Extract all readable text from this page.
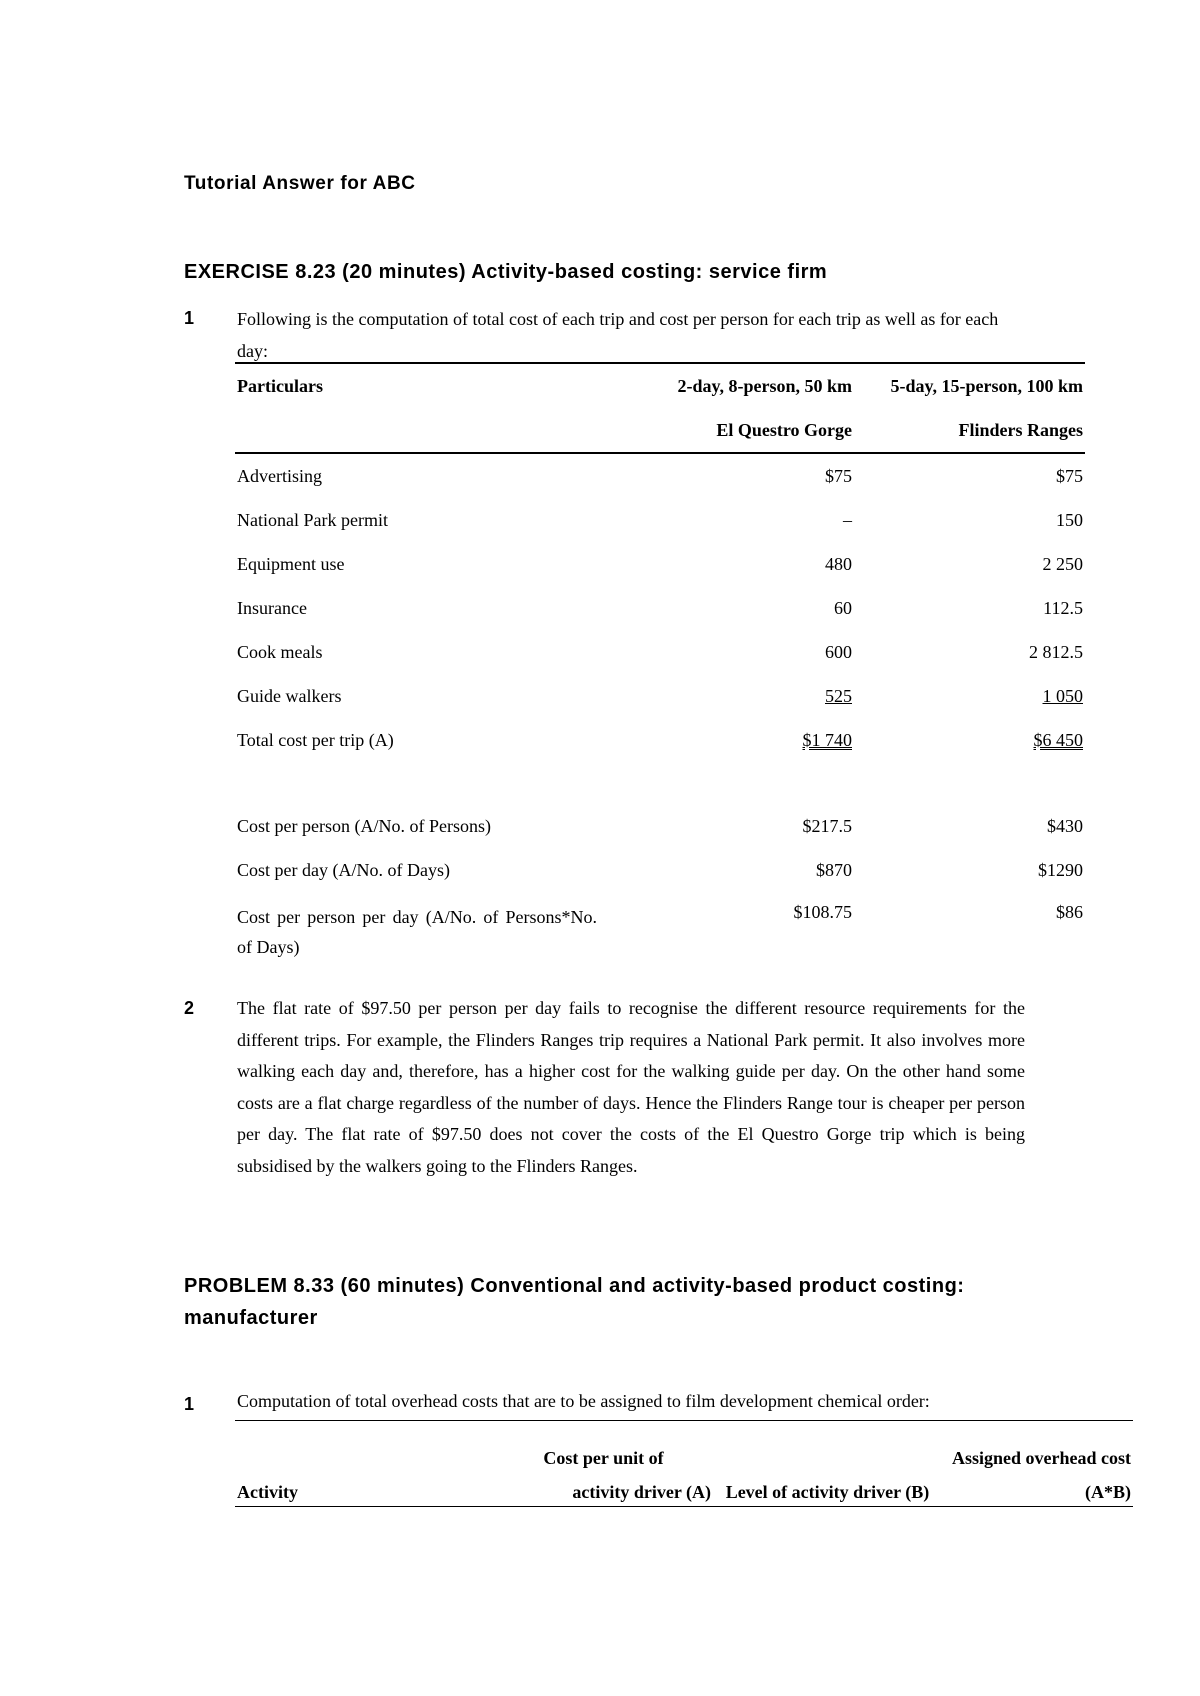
Tutorial Answer for ABC
EXERCISE 8.23 (20 minutes) Activity-based costing: service firm
1 Following is the computation of total cost of each trip and cost per person for each trip as well as for each day:
Particulars	2-day, 8-person, 50 km	5-day, 15-person, 100 km
	El Questro Gorge	Flinders Ranges
Advertising	$75	$75
National Park permit	–	150
Equipment use	480	2 250
Insurance	60	112.5
Cook meals	600	2 812.5
Guide walkers	525	1 050
Total cost per trip (A)	$1 740	$6 450

Cost per person (A/No. of Persons)	$217.5	$430
Cost per day (A/No. of Days)	$870	$1290
Cost per person per day (A/No. of Persons*No. of Days)	$108.75	$86
2 The flat rate of $97.50 per person per day fails to recognise the different resource requirements for the different trips. For example, the Flinders Ranges trip requires a National Park permit. It also involves more walking each day and, therefore, has a higher cost for the walking guide per day. On the other hand some costs are a flat charge regardless of the number of days. Hence the Flinders Range tour is cheaper per person per day. The flat rate of $97.50 does not cover the costs of the El Questro Gorge trip which is being subsidised by the walkers going to the Flinders Ranges.
PROBLEM 8.33 (60 minutes) Conventional and activity-based product costing:
manufacturer
1 Computation of total overhead costs that are to be assigned to film development chemical order:
	Cost per unit of		Assigned overhead cost
Activity	activity driver (A)	Level of activity driver (B)	(A*B)
